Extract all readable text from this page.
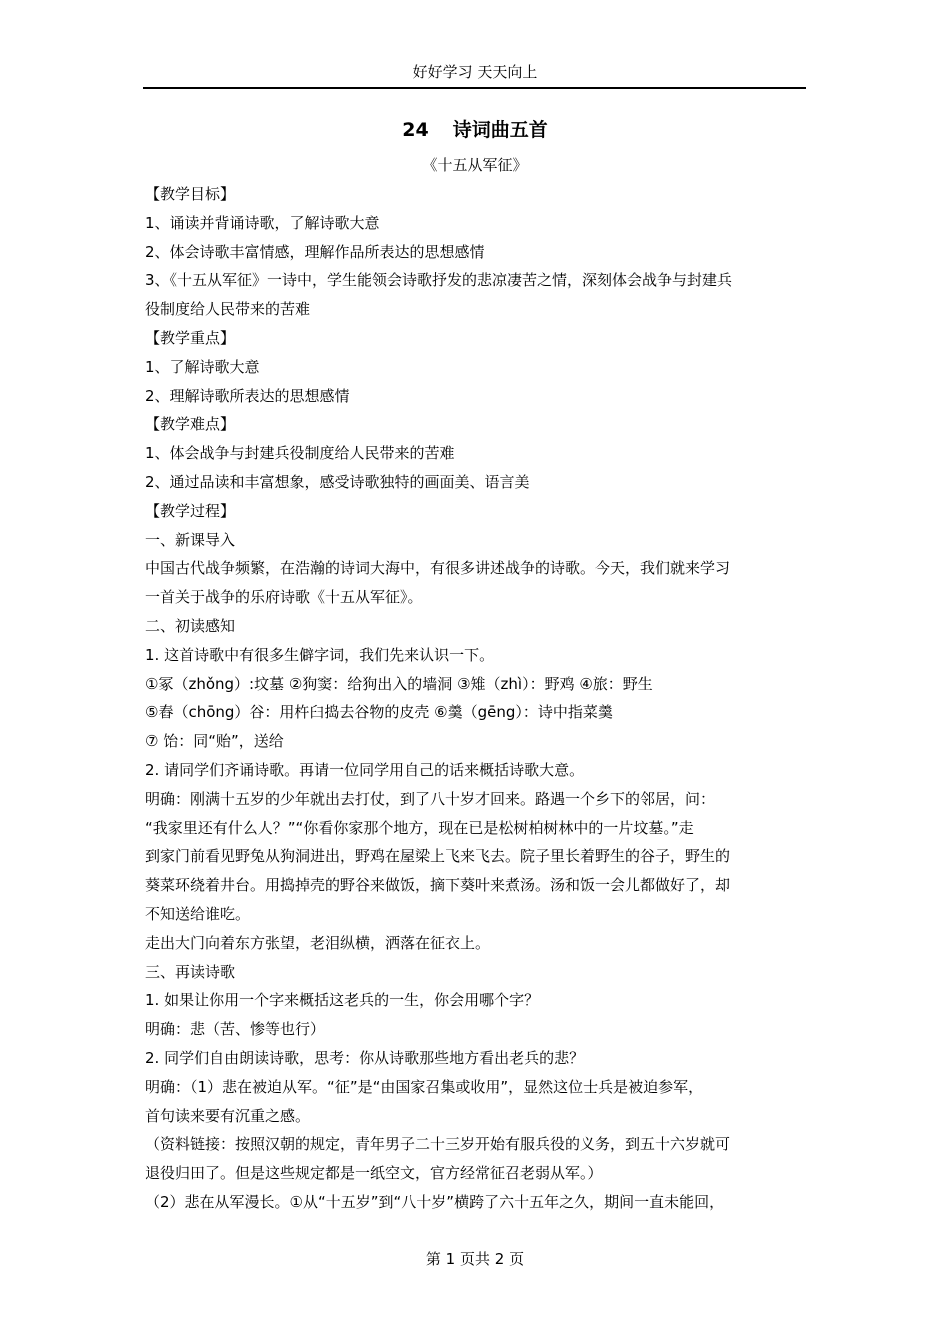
好好学习 天天向上
24 诗词曲五首
《十五从军征》

【教学目标】

1、诵读并背诵诗歌，了解诗歌大意

2、体会诗歌丰富情感，理解作品所表达的思想感情

3、《十五从军征》一诗中，学生能领会诗歌抒发的悲凉凄苦之情，深刻体会战争与封建兵

役制度给人民带来的苦难

【教学重点】

1、了解诗歌大意

2、理解诗歌所表达的思想感情

【教学难点】

1、体会战争与封建兵役制度给人民带来的苦难

2、通过品读和丰富想象，感受诗歌独特的画面美、语言美

【教学过程】

一、新课导入

中国古代战争频繁，在浩瀚的诗词大海中，有很多讲述战争的诗歌。今天，我们就来学习

一首关于战争的乐府诗歌《十五从军征》。

二、初读感知

1. 这首诗歌中有很多生僻字词，我们先来认识一下。

①冢（zhǒng）:坟墓 ②狗窦：给狗出入的墙洞 ③雉（zhì）：野鸡 ④旅：野生

⑤舂（chōng）谷：用杵臼捣去谷物的皮壳 ⑥羹（gēng）：诗中指菜羹

⑦ 饴：同“贻”，送给

2. 请同学们齐诵诗歌。再请一位同学用自己的话来概括诗歌大意。

明确：刚满十五岁的少年就出去打仗，到了八十岁才回来。路遇一个乡下的邻居，问：

“我家里还有什么人？”“你看你家那个地方，现在已是松树柏树林中的一片坟墓。”走

到家门前看见野兔从狗洞进出，野鸡在屋梁上飞来飞去。院子里长着野生的谷子，野生的

葵菜环绕着井台。用捣掉壳的野谷来做饭，摘下葵叶来煮汤。汤和饭一会儿都做好了，却

不知送给谁吃。

走出大门向着东方张望，老泪纵横，洒落在征衣上。

三、再读诗歌

1. 如果让你用一个字来概括这老兵的一生，你会用哪个字？

明确：悲（苦、惨等也行）

2. 同学们自由朗读诗歌，思考：你从诗歌那些地方看出老兵的悲？

明确：（1）悲在被迫从军。“征”是“由国家召集或收用”，显然这位士兵是被迫参军，

首句读来要有沉重之感。

（资料链接：按照汉朝的规定，青年男子二十三岁开始有服兵役的义务，到五十六岁就可

退役归田了。但是这些规定都是一纸空文，官方经常征召老弱从军。）

（2）悲在从军漫长。①从“十五岁”到“八十岁”横跨了六十五年之久，期间一直未能回，

第 1 页共 2 页
